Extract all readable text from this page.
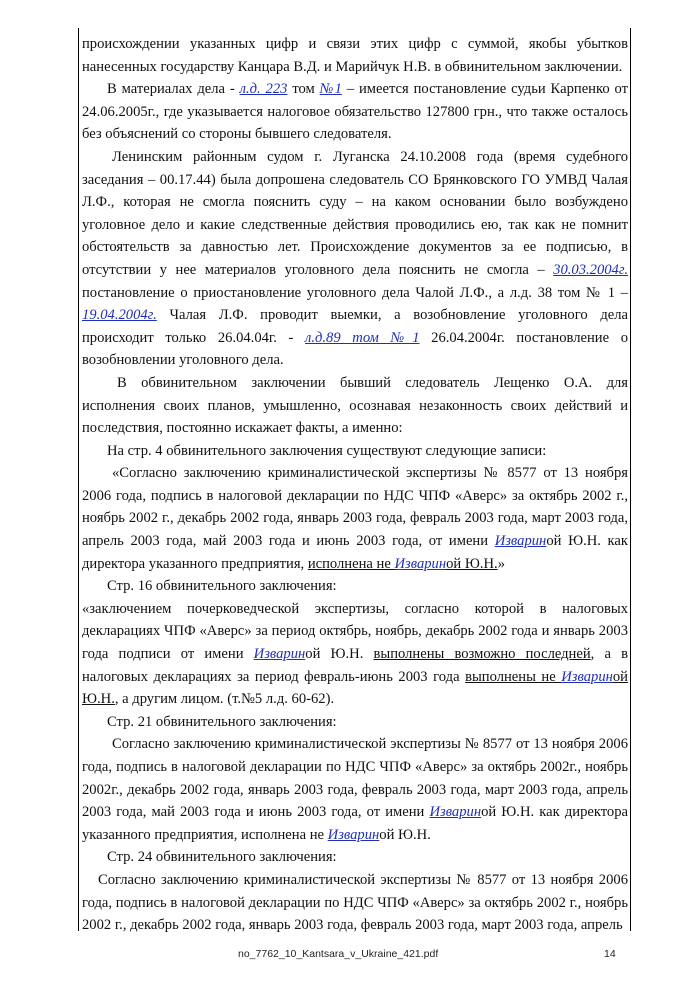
происхождении указанных цифр и связи этих цифр с суммой, якобы убытков нанесенных государству Канцара В.Д. и Марийчук Н.В. в обвинительном заключении.

В материалах дела - л.д. 223 том №1 – имеется постановление судьи Карпенко от 24.06.2005г., где указывается налоговое обязательство 127800 грн., что также осталось без объяснений со стороны бывшего следователя.

Ленинским районным судом г. Луганска 24.10.2008 года (время судебного заседания – 00.17.44) была допрошена следователь СО Брянковского ГО УМВД Чалая Л.Ф., которая не смогла пояснить суду – на каком основании было возбуждено уголовное дело и какие следственные действия проводились ею, так как не помнит обстоятельств за давностью лет. Происхождение документов за ее подписью, в отсутствии у нее материалов уголовного дела пояснить не смогла – 30.03.2004г. постановление о приостановление уголовного дела Чалой Л.Ф., а л.д. 38 том № 1 – 19.04.2004г. Чалая Л.Ф. проводит выемки, а возобновление уголовного дела происходит только 26.04.04г. - л.д.89 том №1 26.04.2004г. постановление о возобновлении уголовного дела.

В обвинительном заключении бывший следователь Лещенко О.А. для исполнения своих планов, умышленно, осознавая незаконность своих действий и последствия, постоянно искажает факты, а именно:

На стр. 4 обвинительного заключения существуют следующие записи:

«Согласно заключению криминалистической экспертизы № 8577 от 13 ноября 2006 года, подпись в налоговой декларации по НДС ЧПФ «Аверс» за октябрь 2002 г., ноябрь 2002 г., декабрь 2002 года, январь 2003 года, февраль 2003 года, март 2003 года, апрель 2003 года, май 2003 года и июнь 2003 года, от имени Извариной Ю.Н. как директора указанного предприятия, исполнена не Извариной Ю.Н.»

Стр. 16 обвинительного заключения:

«заключением почерковедческой экспертизы, согласно которой в налоговых декларациях ЧПФ «Аверс» за период октябрь, ноябрь, декабрь 2002 года и январь 2003 года подписи от имени Извариной Ю.Н. выполнены возможно последней, а в налоговых декларациях за период февраль-июнь 2003 года выполнены не Извариной Ю.Н., а другим лицом. (т.№5 л.д. 60-62).

Стр. 21 обвинительного заключения:

Согласно заключению криминалистической экспертизы № 8577 от 13 ноября 2006 года, подпись в налоговой декларации по НДС ЧПФ «Аверс» за октябрь 2002г., ноябрь 2002г., декабрь 2002 года, январь 2003 года, февраль 2003 года, март 2003 года, апрель 2003 года, май 2003 года и июнь 2003 года, от имени Извариной Ю.Н. как директора указанного предприятия, исполнена не Извариной Ю.Н.

Стр. 24 обвинительного заключения:

Согласно заключению криминалистической экспертизы № 8577 от 13 ноября 2006 года, подпись в налоговой декларации по НДС ЧПФ «Аверс» за октябрь 2002 г., ноябрь 2002 г., декабрь 2002 года, январь 2003 года, февраль 2003 года, март 2003 года, апрель

no_7762_10_Kantsara_v_Ukraine_421.pdf	14
